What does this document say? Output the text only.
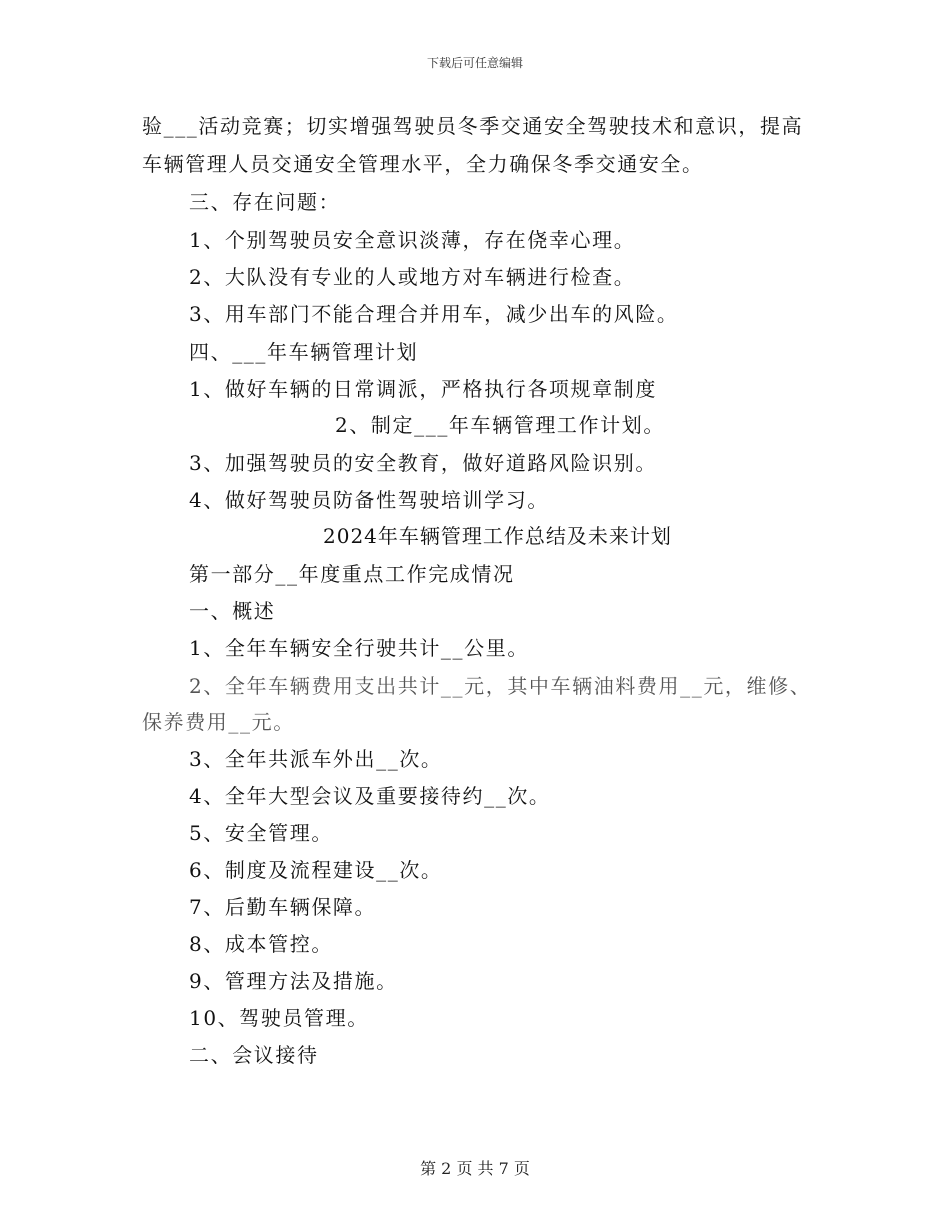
下载后可任意编辑
验___活动竞赛；切实增强驾驶员冬季交通安全驾驶技术和意识，提高
车辆管理人员交通安全管理水平，全力确保冬季交通安全。
三、存在问题：
1、个别驾驶员安全意识淡薄，存在侥幸心理。
2、大队没有专业的人或地方对车辆进行检查。
3、用车部门不能合理合并用车，减少出车的风险。
四、___年车辆管理计划
1、做好车辆的日常调派，严格执行各项规章制度
2、制定___年车辆管理工作计划。
3、加强驾驶员的安全教育，做好道路风险识别。
4、做好驾驶员防备性驾驶培训学习。
2024年车辆管理工作总结及未来计划
第一部分__年度重点工作完成情况
一、概述
1、全年车辆安全行驶共计__公里。
2、全年车辆费用支出共计__元，其中车辆油料费用__元，维修、
保养费用__元。
3、全年共派车外出__次。
4、全年大型会议及重要接待约__次。
5、安全管理。
6、制度及流程建设__次。
7、后勤车辆保障。
8、成本管控。
9、管理方法及措施。
10、驾驶员管理。
二、会议接待
第 2 页 共 7 页
